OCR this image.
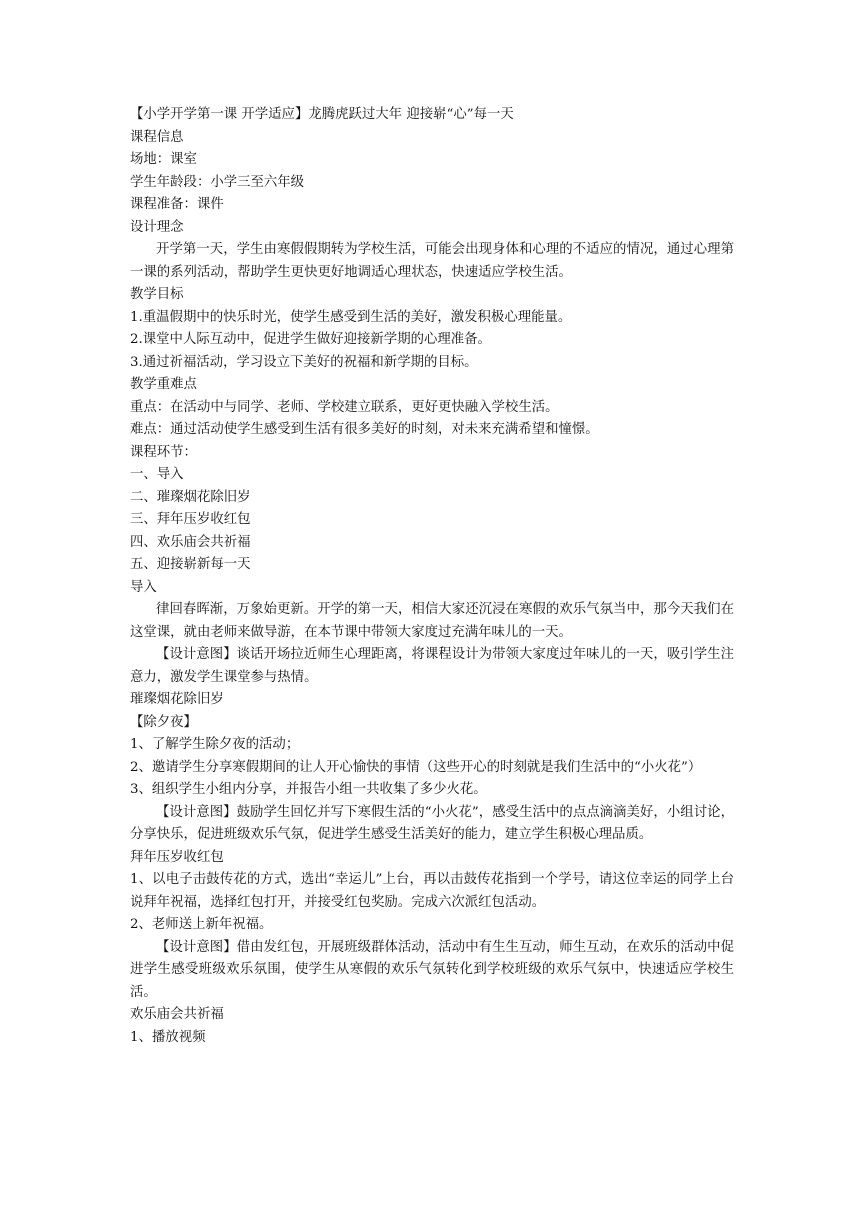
【小学开学第一课 开学适应】龙腾虎跃过大年 迎接崭“心”每一天
课程信息
场地：课室
学生年龄段：小学三至六年级
课程准备：课件
设计理念
开学第一天，学生由寒假假期转为学校生活，可能会出现身体和心理的不适应的情况，通过心理第一课的系列活动，帮助学生更快更好地调适心理状态，快速适应学校生活。
教学目标
1.重温假期中的快乐时光，使学生感受到生活的美好，激发积极心理能量。
2.课堂中人际互动中，促进学生做好迎接新学期的心理准备。
3.通过祈福活动，学习设立下美好的祝福和新学期的目标。
教学重难点
重点：在活动中与同学、老师、学校建立联系，更好更快融入学校生活。
难点：通过活动使学生感受到生活有很多美好的时刻，对未来充满希望和憧憬。
课程环节：
一、导入
二、璀璨烟花除旧岁
三、拜年压岁收红包
四、欢乐庙会共祈福
五、迎接崭新每一天
导入
律回春晖渐，万象始更新。开学的第一天，相信大家还沉浸在寒假的欢乐气氛当中，那今天我们在这堂课，就由老师来做导游，在本节课中带领大家度过充满年味儿的一天。
【设计意图】谈话开场拉近师生心理距离，将课程设计为带领大家度过年味儿的一天，吸引学生注意力，激发学生课堂参与热情。
璀璨烟花除旧岁
【除夕夜】
1、了解学生除夕夜的活动；
2、邀请学生分享寒假期间的让人开心愉快的事情（这些开心的时刻就是我们生活中的“小火花”）
3、组织学生小组内分享，并报告小组一共收集了多少火花。
【设计意图】鼓励学生回忆并写下寒假生活的“小火花”，感受生活中的点点滴滴美好，小组讨论，分享快乐，促进班级欢乐气氛，促进学生感受生活美好的能力，建立学生积极心理品质。
拜年压岁收红包
1、以电子击鼓传花的方式，选出“幸运儿”上台，再以击鼓传花指到一个学号，请这位幸运的同学上台说拜年祝福，选择红包打开，并接受红包奖励。完成六次派红包活动。
2、老师送上新年祝福。
【设计意图】借由发红包，开展班级群体活动，活动中有生生互动，师生互动，在欢乐的活动中促进学生感受班级欢乐氛围，使学生从寒假的欢乐气氛转化到学校班级的欢乐气氛中，快速适应学校生活。
欢乐庙会共祈福
1、播放视频
